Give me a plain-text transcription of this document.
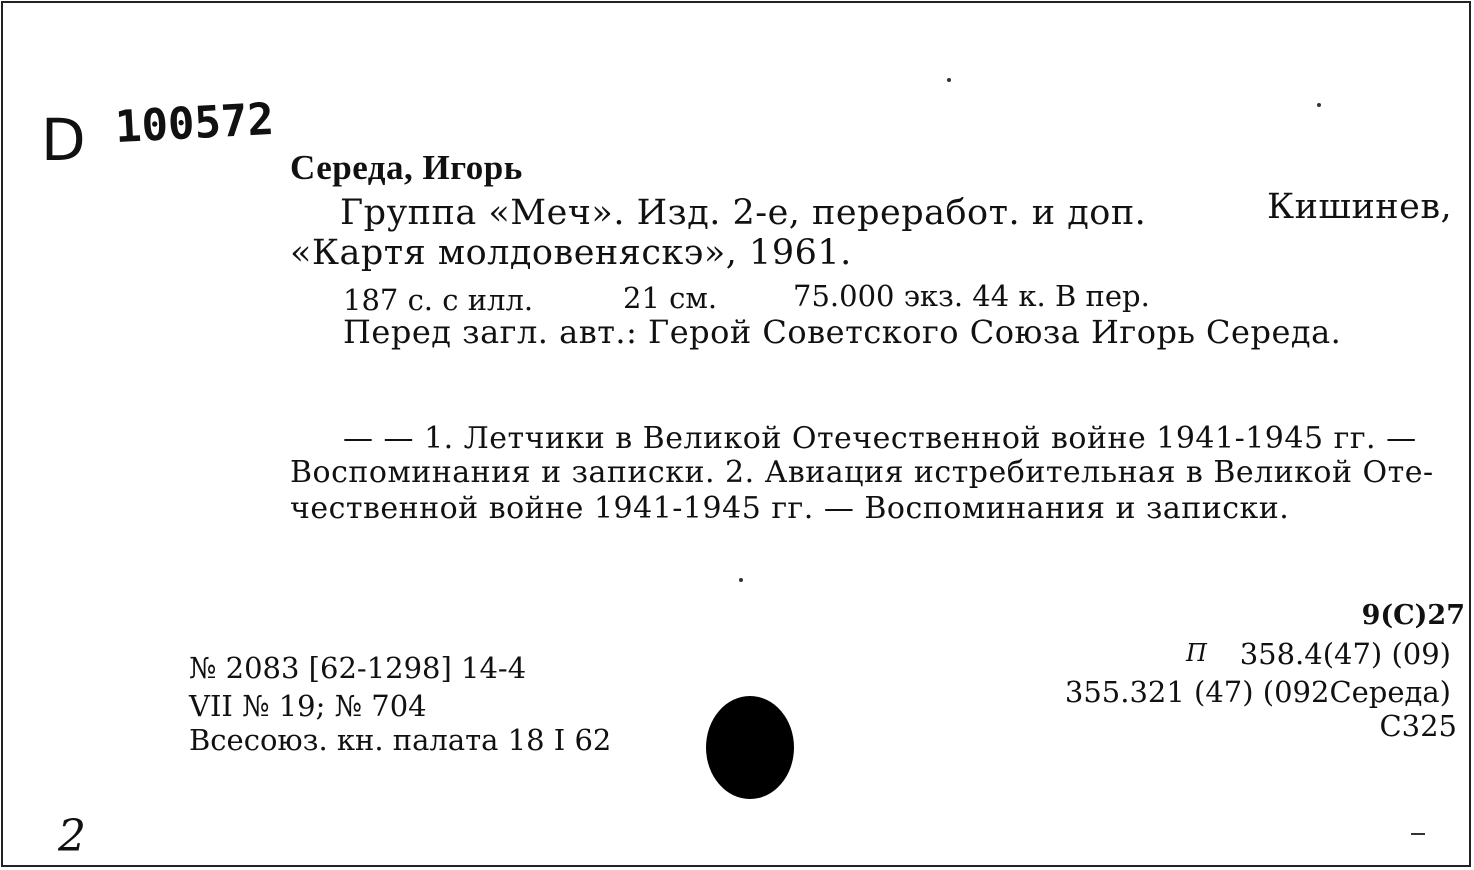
D 100572
Середа, Игорь
Группа «Меч». Изд. 2-е, переработ. и доп.	Кишинев,
«Картя молдовеняскэ», 1961.
187 с. с илл.	21 см.	75.000 экз. 44 к. В пер.
Перед загл. авт.: Герой Советского Союза Игорь Середа.
— — 1. Летчики в Великой Отечественной войне 1941-1945 гг. —
Воспоминания и записки. 2. Авиация истребительная в Великой Оте-
чественной войне 1941-1945 гг. — Воспоминания и записки.
№ 2083 [62-1298] 14-4
VII № 19; № 704
Всесоюз. кн. палата 18 I 62
9(С)27
П 358.4(47) (09)
355.321 (47) (092Середа)
С325
2
